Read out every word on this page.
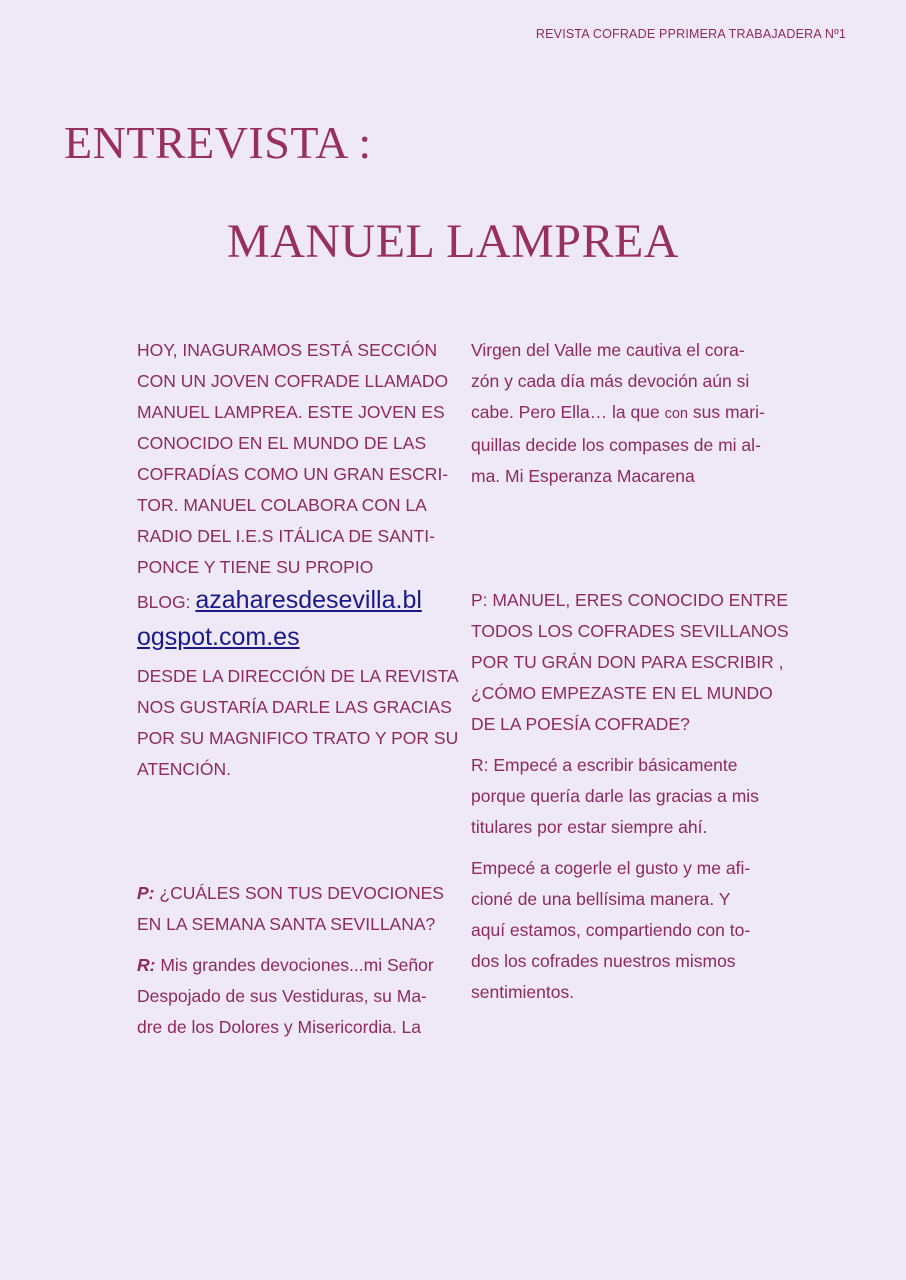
REVISTA COFRADE PPRIMERA TRABAJADERA Nº1
ENTREVISTA :
MANUEL LAMPREA
HOY, INAGURAMOS ESTÁ SECCIÓN
CON UN JOVEN COFRADE LLAMADO
MANUEL LAMPREA. ESTE JOVEN ES
CONOCIDO EN EL MUNDO DE LAS
COFRADÍAS COMO UN GRAN ESCRI-
TOR. MANUEL COLABORA CON LA
RADIO DEL I.E.S ITÁLICA DE SANTI-
PONCE Y TIENE SU PROPIO
BLOG: azaharesdesevilla.bl
ogspot.com.es
DESDE LA DIRECCIÓN DE LA REVISTA
NOS GUSTARÍA DARLE LAS GRACIAS
POR SU MAGNIFICO TRATO Y POR SU
ATENCIÓN.
P: ¿CUÁLES SON TUS DEVOCIONES
EN LA SEMANA SANTA SEVILLANA?
R: Mis grandes devociones...mi Señor
Despojado de sus Vestiduras, su Ma-
dre de los Dolores y Misericordia. La
Virgen del Valle me cautiva el cora-
zón y cada día más devoción aún si
cabe. Pero Ella… la que con sus mari-
quillas decide los compases de mi al-
ma. Mi Esperanza Macarena
P: MANUEL, ERES CONOCIDO ENTRE
TODOS LOS COFRADES SEVILLANOS
POR TU GRÁN DON PARA ESCRIBIR ,
¿CÓMO EMPEZASTE EN EL MUNDO
DE LA POESÍA COFRADE?
R: Empecé a escribir básicamente
porque quería darle las gracias a mis
titulares por estar siempre ahí.
Empecé a cogerle el gusto y me afi-
cioné de una bellísima manera. Y
aquí estamos, compartiendo con to-
dos los cofrades nuestros mismos
sentimientos.
